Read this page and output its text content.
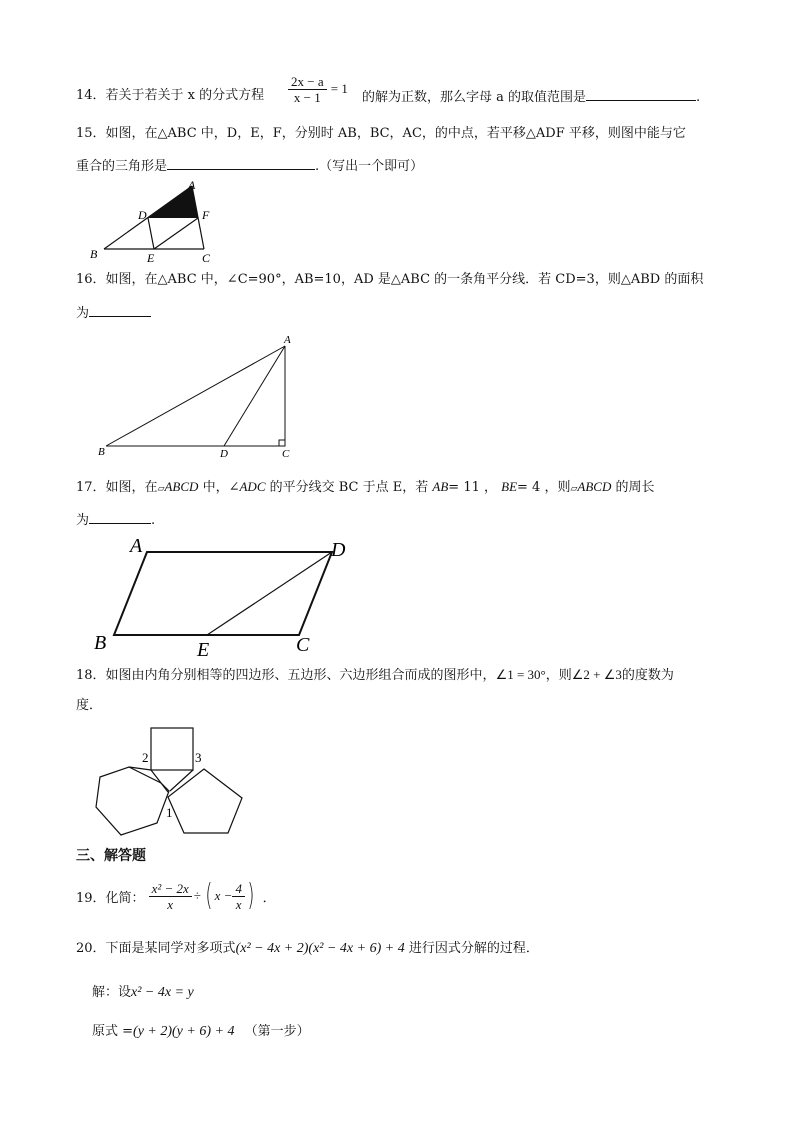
14．若关于若关于 x 的分式方程 $\frac{2x - a}{x - 1} = 1$
的解为正数，那么字母 a 的取值范围是	.
15．如图，在△ABC 中，D，E，F，分别时 AB，BC，AC，的中点，若平移△ADF 平移，则图中能与它
重合的三角形是	.（写出一个即可）
A
B	C
D
E
F
16．如图，在△ABC 中，∠C=90°，AB=10，AD 是△ABC 的一条角平分线．若 CD=3，则△ABD 的面积
为
A
B	C
D
17．如图，在▱ABCD 中，∠ADC 的平分线交 BC 于点 E，若 AB= 11 ， BE= 4 ，则▱ABCD 的周长
为	.
A
B	C
D
E
18．如图由内角分别相等的四边形、五边形、六边形组合而成的图形中，∠1 = 30°，则∠2 + ∠3的度数为
度．
2	3
1
三、解答题
19． 化简： $\frac{\text{x² − 2x}}{x}$ ÷ ( $x - \frac{4}{x}$ ) ．
20．下面是某同学对多项式(x² − 4x + 2)(x² − 4x + 6) + 4 进行因式分解的过程．
解：设x² − 4x = y
原式 =(y + 2)(y + 6) + 4 （第一步）
